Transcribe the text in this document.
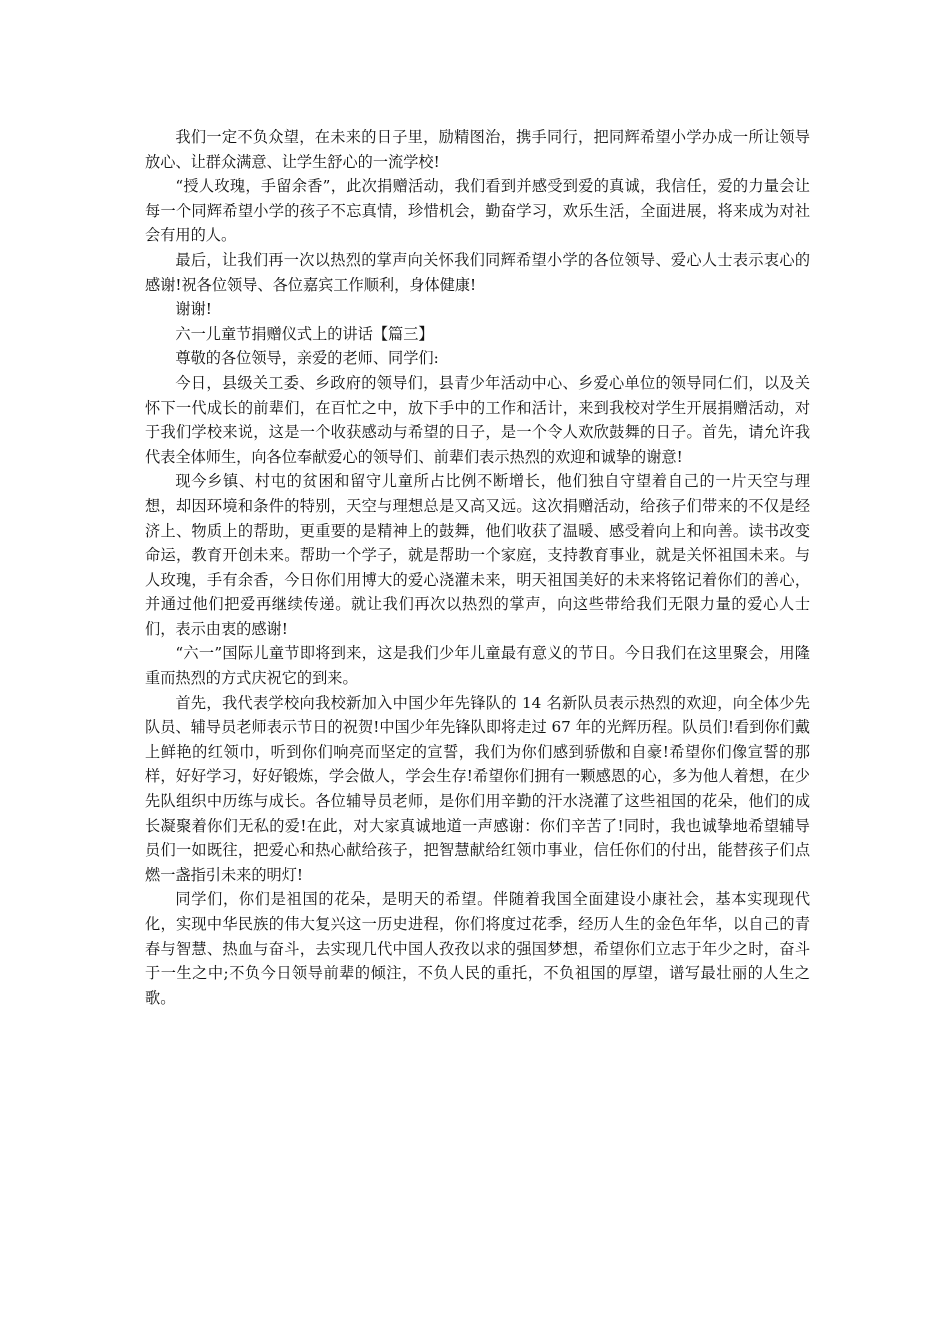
我们一定不负众望，在未来的日子里，励精图治，携手同行，把同辉希望小学办成一所让领导放心、让群众满意、让学生舒心的一流学校!

“授人玫瑰，手留余香”，此次捐赠活动，我们看到并感受到爱的真诚，我信任，爱的力量会让每一个同辉希望小学的孩子不忘真情，珍惜机会，勤奋学习，欢乐生活，全面进展，将来成为对社会有用的人。

最后，让我们再一次以热烈的掌声向关怀我们同辉希望小学的各位领导、爱心人士表示衷心的感谢!祝各位领导、各位嘉宾工作顺利，身体健康!

谢谢!

六一儿童节捐赠仪式上的讲话【篇三】

尊敬的各位领导，亲爱的老师、同学们:

今日，县级关工委、乡政府的领导们，县青少年活动中心、乡爱心单位的领导同仁们，以及关怀下一代成长的前辈们，在百忙之中，放下手中的工作和活计，来到我校对学生开展捐赠活动，对于我们学校来说，这是一个收获感动与希望的日子，是一个令人欢欣鼓舞的日子。首先，请允许我代表全体师生，向各位奉献爱心的领导们、前辈们表示热烈的欢迎和诚挚的谢意!

现今乡镇、村屯的贫困和留守儿童所占比例不断增长，他们独自守望着自己的一片天空与理想，却因环境和条件的特别，天空与理想总是又高又远。这次捐赠活动，给孩子们带来的不仅是经济上、物质上的帮助，更重要的是精神上的鼓舞，他们收获了温暖、感受着向上和向善。读书改变命运，教育开创未来。帮助一个学子，就是帮助一个家庭，支持教育事业，就是关怀祖国未来。与人玫瑰，手有余香，今日你们用博大的爱心浇灌未来，明天祖国美好的未来将铭记着你们的善心，并通过他们把爱再继续传递。就让我们再次以热烈的掌声，向这些带给我们无限力量的爱心人士们，表示由衷的感谢!

“六一”国际儿童节即将到来，这是我们少年儿童最有意义的节日。今日我们在这里聚会，用隆重而热烈的方式庆祝它的到来。

首先，我代表学校向我校新加入中国少年先锋队的 14 名新队员表示热烈的欢迎，向全体少先队员、辅导员老师表示节日的祝贺!中国少年先锋队即将走过 67 年的光辉历程。队员们!看到你们戴上鲜艳的红领巾，听到你们响亮而坚定的宣誓，我们为你们感到骄傲和自豪!希望你们像宣誓的那样，好好学习，好好锻炼，学会做人，学会生存!希望你们拥有一颗感恩的心，多为他人着想，在少先队组织中历练与成长。各位辅导员老师，是你们用辛勤的汗水浇灌了这些祖国的花朵，他们的成长凝聚着你们无私的爱!在此，对大家真诚地道一声感谢：你们辛苦了!同时，我也诚挚地希望辅导员们一如既往，把爱心和热心献给孩子，把智慧献给红领巾事业，信任你们的付出，能替孩子们点燃一盏指引未来的明灯!

同学们，你们是祖国的花朵，是明天的希望。伴随着我国全面建设小康社会，基本实现现代化，实现中华民族的伟大复兴这一历史进程，你们将度过花季，经历人生的金色年华，以自己的青春与智慧、热血与奋斗，去实现几代中国人孜孜以求的强国梦想，希望你们立志于年少之时，奋斗于一生之中;不负今日领导前辈的倾注，不负人民的重托，不负祖国的厚望，谱写最壮丽的人生之歌。
